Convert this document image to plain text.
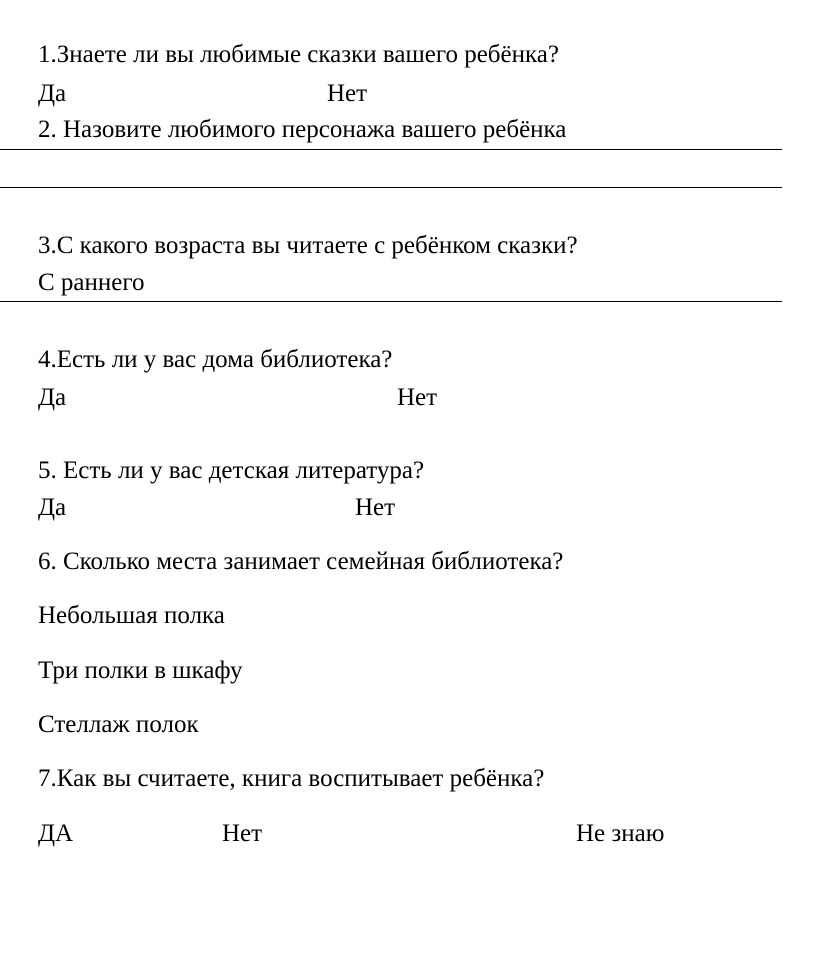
1.Знаете ли вы любимые сказки вашего ребёнка?
Да	Нет
2. Назовите любимого персонажа вашего ребёнка
3.С какого возраста вы читаете с ребёнком сказки?
С раннего
4.Есть ли у вас дома библиотека?
Да	Нет
5. Есть ли у вас детская литература?
Да	Нет
6. Сколько места занимает семейная библиотека?
Небольшая полка
Три полки в шкафу
Стеллаж полок
7.Как вы считаете, книга воспитывает ребёнка?
ДА	Нет	Не знаю
